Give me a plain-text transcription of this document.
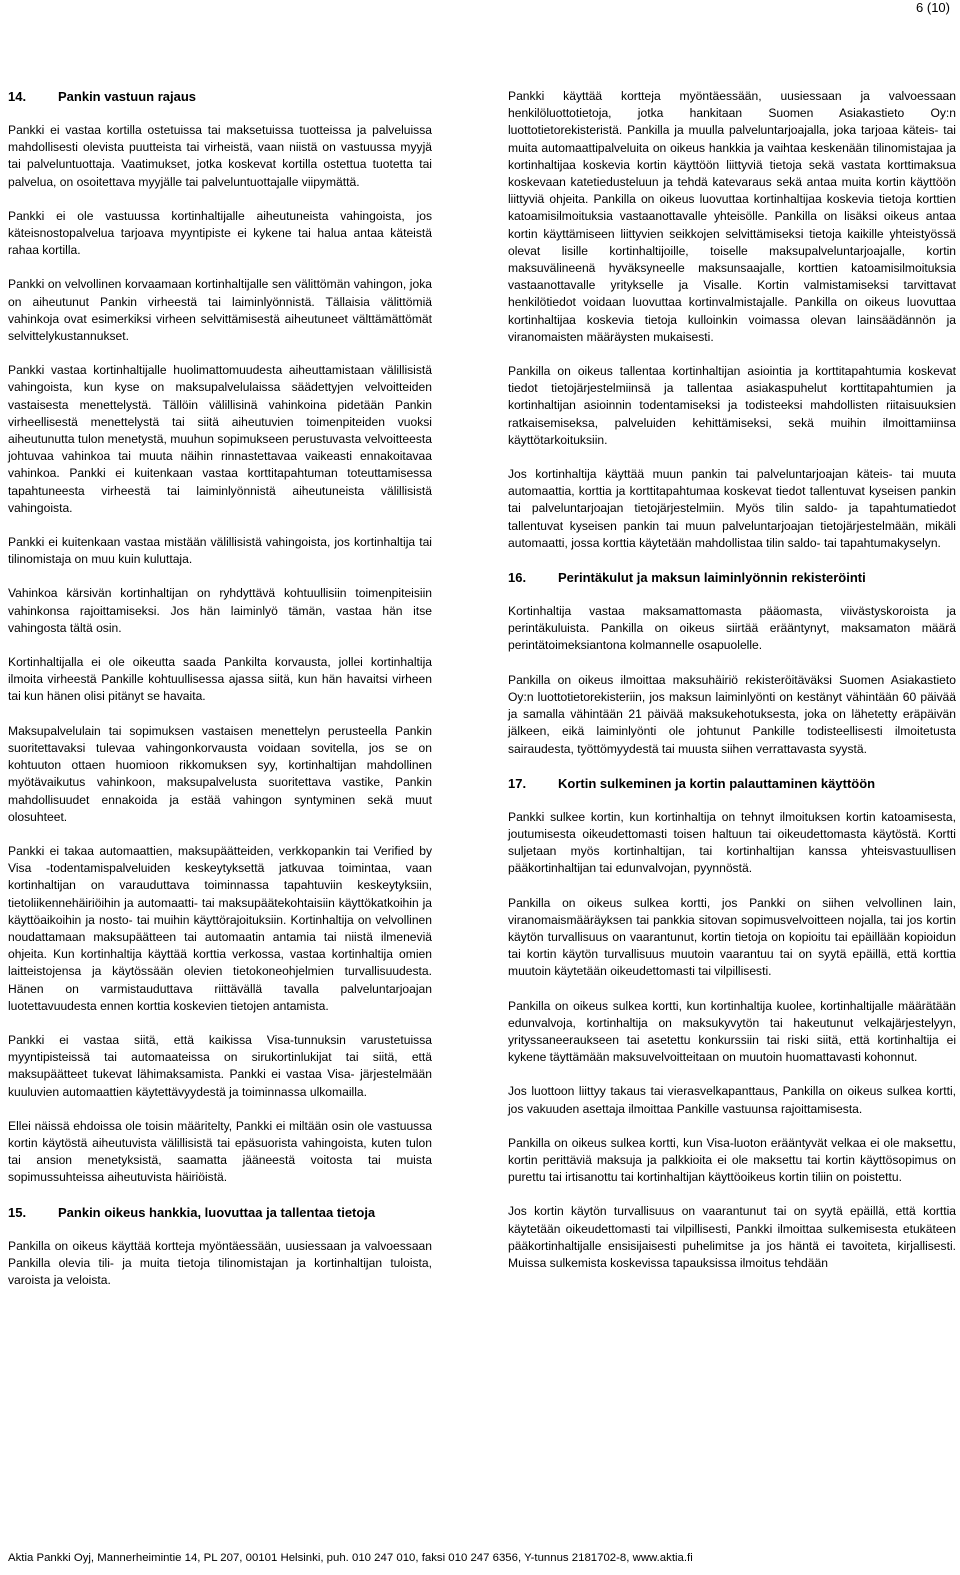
6 (10)
14.	Pankin vastuun rajaus

Pankki ei vastaa kortilla ostetuissa tai maksetuissa tuotteissa ja palveluissa mahdollisesti olevista puutteista tai virheistä, vaan niistä on vastuussa myyjä tai palveluntuottaja. Vaatimukset, jotka koskevat kortilla ostettua tuotetta tai palvelua, on osoitettava myyjälle tai palveluntuottajalle viipymättä.

Pankki ei ole vastuussa kortinhaltijalle aiheutuneista vahingoista, jos käteisnostopalvelua tarjoava myyntipiste ei kykene tai halua antaa käteistä rahaa kortilla.

Pankki on velvollinen korvaamaan kortinhaltijalle sen välittömän vahingon, joka on aiheutunut Pankin virheestä tai laiminlyönnistä. Tällaisia välittömiä vahinkoja ovat esimerkiksi virheen selvittämisestä aiheutuneet välttämättömät selvittelykustannukset.

Pankki vastaa kortinhaltijalle huolimattomuudesta aiheuttamistaan välillisistä vahingoista, kun kyse on maksupalvelulaissa säädettyjen velvoitteiden vastaisesta menettelystä. Tällöin välillisinä vahinkoina pidetään Pankin virheellisestä menettelystä tai siitä aiheutuvien toimenpiteiden vuoksi aiheutunutta tulon menetystä, muuhun sopimukseen perustuvasta velvoitteesta johtuvaa vahinkoa tai muuta näihin rinnastettavaa vaikeasti ennakoitavaa vahinkoa. Pankki ei kuitenkaan vastaa korttitapahtuman toteuttamisessa tapahtuneesta virheestä tai laiminlyönnistä aiheutuneista välillisistä vahingoista.

Pankki ei kuitenkaan vastaa mistään välillisistä vahingoista, jos kortinhaltija tai tilinomistaja on muu kuin kuluttaja.

Vahinkoa kärsivän kortinhaltijan on ryhdyttävä kohtuullisiin toimenpiteisiin vahinkonsa rajoittamiseksi. Jos hän laiminlyö tämän, vastaa hän itse vahingosta tältä osin.

Kortinhaltijalla ei ole oikeutta saada Pankilta korvausta, jollei kortinhaltija ilmoita virheestä Pankille kohtuullisessa ajassa siitä, kun hän havaitsi virheen tai kun hänen olisi pitänyt se havaita.

Maksupalvelulain tai sopimuksen vastaisen menettelyn perusteella Pankin suoritettavaksi tulevaa vahingonkorvausta voidaan sovitella, jos se on kohtuuton ottaen huomioon rikkomuksen syy, kortinhaltijan mahdollinen myötävaikutus vahinkoon, maksupalvelusta suoritettava vastike, Pankin mahdollisuudet ennakoida ja estää vahingon syntyminen sekä muut olosuhteet.

Pankki ei takaa automaattien, maksupäätteiden, verkkopankin tai Verified by Visa -todentamispalveluiden keskeytyksettä jatkuvaa toimintaa, vaan kortinhaltijan on varauduttava toiminnassa tapahtuviin keskeytyksiin, tietoliikennehäiriöihin ja automaatti- tai maksupäätekohtaisiin käyttökatkoihin ja käyttöaikoihin ja nosto- tai muihin käyttörajoituksiin. Kortinhaltija on velvollinen noudattamaan maksupäätteen tai automaatin antamia tai niistä ilmeneviä ohjeita. Kun kortinhaltija käyttää korttia verkossa, vastaa kortinhaltija omien laitteistojensa ja käytössään olevien tietokoneohjelmien turvallisuudesta. Hänen on varmistauduttava riittävällä tavalla palveluntarjoajan luotettavuudesta ennen korttia koskevien tietojen antamista.

Pankki ei vastaa siitä, että kaikissa Visa-tunnuksin varustetuissa myyntipisteissä tai automaateissa on sirukortinlukijat tai siitä, että maksupäätteet tukevat lähimaksamista. Pankki ei vastaa Visa- järjestelmään kuuluvien automaattien käytettävyydestä ja toiminnassa ulkomailla.

Ellei näissä ehdoissa ole toisin määritelty, Pankki ei miltään osin ole vastuussa kortin käytöstä aiheutuvista välillisistä tai epäsuorista vahingoista, kuten tulon tai ansion menetyksistä, saamatta jääneestä voitosta tai muista sopimussuhteissa aiheutuvista häiriöistä.

15.	Pankin oikeus hankkia, luovuttaa ja tallentaa tietoja

Pankilla on oikeus käyttää kortteja myöntäessään, uusiessaan ja valvoessaan Pankilla olevia tili- ja muita tietoja tilinomistajan ja kortinhaltijan tuloista, varoista ja veloista.

Pankki käyttää kortteja myöntäessään, uusiessaan ja valvoessaan henkilöluottotietoja, jotka hankitaan Suomen Asiakastieto Oy:n luottotietorekisteristä. Pankilla ja muulla palveluntarjoajalla, joka tarjoaa käteis- tai muita automaattipalveluita on oikeus hankkia ja vaihtaa keskenään tilinomistajaa ja kortinhaltijaa koskevia kortin käyttöön liittyviä tietoja sekä vastata korttimaksua koskevaan katetiedusteluun ja tehdä katevaraus sekä antaa muita kortin käyttöön liittyviä ohjeita. Pankilla on oikeus luovuttaa kortinhaltijaa koskevia tietoja korttien katoamisilmoituksia vastaanottavalle yhteisölle. Pankilla on lisäksi oikeus antaa kortin käyttämiseen liittyvien seikkojen selvittämiseksi tietoja kaikille yhteistyössä olevat lisille kortinhaltijoille, toiselle maksupalveluntarjoajalle, kortin maksuvälineenä hyväksyneelle maksunsaajalle, korttien katoamisilmoituksia vastaanottavalle yritykselle ja Visalle. Kortin valmistamiseksi tarvittavat henkilötiedot voidaan luovuttaa kortinvalmistajalle. Pankilla on oikeus luovuttaa kortinhaltijaa koskevia tietoja kulloinkin voimassa olevan lainsäädännön ja viranomaisten määräysten mukaisesti.

Pankilla on oikeus tallentaa kortinhaltijan asiointia ja korttitapahtumia koskevat tiedot tietojärjestelmiinsä ja tallentaa asiakaspuhelut korttitapahtumien ja kortinhaltijan asioinnin todentamiseksi ja todisteeksi mahdollisten riitaisuuksien ratkaisemiseksa, palveluiden kehittämiseksi, sekä muihin ilmoittamiinsa käyttötarkoituksiin.

Jos kortinhaltija käyttää muun pankin tai palveluntarjoajan käteis- tai muuta automaattia, korttia ja korttitapahtumaa koskevat tiedot tallentuvat kyseisen pankin tai palveluntarjoajan tietojärjestelmiin. Myös tilin saldo- ja tapahtumatiedot tallentuvat kyseisen pankin tai muun palveluntarjoajan tietojärjestelmään, mikäli automaatti, jossa korttia käytetään mahdollistaa tilin saldo- tai tapahtumakyselyn.

16.	Perintäkulut ja maksun laiminlyönnin rekisteröinti

Kortinhaltija vastaa maksamattomasta pääomasta, viivästyskoroista ja perintäkuluista. Pankilla on oikeus siirtää erääntynyt, maksamaton määrä perintätoimeksiantona kolmannelle osapuolelle.

Pankilla on oikeus ilmoittaa maksuhäiriö rekisteröitäväksi Suomen Asiakastieto Oy:n luottotietorekisteriin, jos maksun laiminlyönti on kestänyt vähintään 60 päivää ja samalla vähintään 21 päivää maksukehotuksesta, joka on lähetetty eräpäivän jälkeen, eikä laiminlyönti ole johtunut Pankille todisteellisesti ilmoitetusta sairaudesta, työttömyydestä tai muusta siihen verrattavasta syystä.

17.	Kortin sulkeminen ja kortin palauttaminen käyttöön

Pankki sulkee kortin, kun kortinhaltija on tehnyt ilmoituksen kortin katoamisesta, joutumisesta oikeudettomasti toisen haltuun tai oikeudettomasta käytöstä. Kortti suljetaan myös kortinhaltijan, tai kortinhaltijan kanssa yhteisvastuullisen pääkortinhaltijan tai edunvalvojan, pyynnöstä.

Pankilla on oikeus sulkea kortti, jos Pankki on siihen velvollinen lain, viranomaismääräyksen tai pankkia sitovan sopimusvelvoitteen nojalla, tai jos kortin käytön turvallisuus on vaarantunut, kortin tietoja on kopioitu tai epäillään kopioidun tai kortin käytön turvallisuus muutoin vaarantuu tai on syytä epäillä, että korttia muutoin käytetään oikeudettomasti tai vilpillisesti.

Pankilla on oikeus sulkea kortti, kun kortinhaltija kuolee, kortinhaltijalle määrätään edunvalvoja, kortinhaltija on maksukyvytön tai hakeutunut velkajärjestelyyn, yrityssaneeraukseen tai asetettu konkurssiin tai riski siitä, että kortinhaltija ei kykene täyttämään maksuvelvoitteitaan on muutoin huomattavasti kohonnut.

Jos luottoon liittyy takaus tai vierasvelkapanttaus, Pankilla on oikeus sulkea kortti, jos vakuuden asettaja ilmoittaa Pankille vastuunsa rajoittamisesta.

Pankilla on oikeus sulkea kortti, kun Visa-luoton erääntyvät velkaa ei ole maksettu, kortin perittäviä maksuja ja palkkioita ei ole maksettu tai kortin käyttösopimus on purettu tai irtisanottu tai kortinhaltijan käyttöoikeus kortin tiliin on poistettu.

Jos kortin käytön turvallisuus on vaarantunut tai on syytä epäillä, että korttia käytetään oikeudettomasti tai vilpillisesti, Pankki ilmoittaa sulkemisesta etukäteen pääkortinhaltijalle ensisijaisesti puhelimitse ja jos häntä ei tavoiteta, kirjallisesti. Muissa sulkemista koskevissa tapauksissa ilmoitus tehdään

Aktia Pankki Oyj, Mannerheimintie 14, PL 207, 00101 Helsinki, puh. 010 247 010, faksi 010 247 6356, Y-tunnus 2181702-8, www.aktia.fi
